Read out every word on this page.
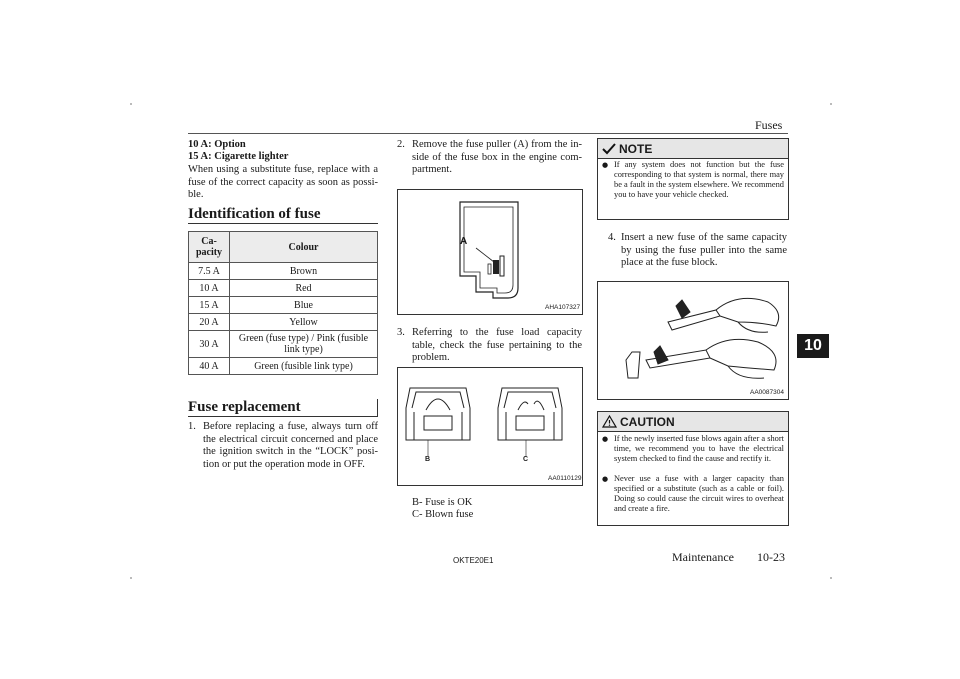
Fuses
10
10 A: Option
15 A: Cigarette lighter
When using a substitute fuse, replace with a fuse of the correct capacity as soon as possi-ble.
Identification of fuse
Ca-pacity	Colour
7.5 A	Brown
10 A	Red
15 A	Blue
20 A	Yellow
30 A	Green (fuse type) / Pink (fusible link type)
40 A	Green (fusible link type)
Fuse replacement
1. Before replacing a fuse, always turn off the electrical circuit concerned and place the ignition switch in the “LOCK” posi-tion or put the operation mode in OFF.
2. Remove the fuse puller (A) from the in-side of the fuse box in the engine com-partment.
A
AHA107327
3. Referring to the fuse load capacity table, check the fuse pertaining to the problem.
B	C
AA0110129
B- Fuse is OK
C- Blown fuse
NOTE
● If any system does not function but the fuse corresponding to that system is normal, there may be a fault in the system elsewhere. We recommend you to have your vehicle checked.
4. Insert a new fuse of the same capacity by using the fuse puller into the same place at the fuse block.
AA0087304
CAUTION
● If the newly inserted fuse blows again after a short time, we recommend you to have the electrical system checked to find the cause and rectify it.
● Never use a fuse with a larger capacity than specified or a substitute (such as a cable or foil). Doing so could cause the circuit wires to overheat and create a fire.
OKTE20E1	Maintenance 10-23
